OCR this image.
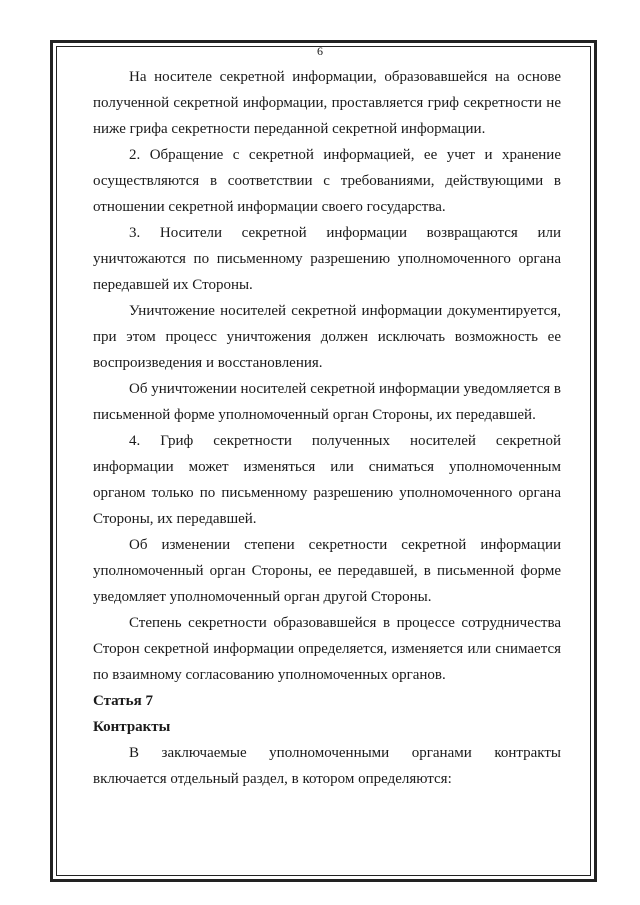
6

На носителе секретной информации, образовавшейся на основе полученной секретной информации, проставляется гриф секретности не ниже грифа секретности переданной секретной информации.

2. Обращение с секретной информацией, ее учет и хранение осуществляются в соответствии с требованиями, действующими в отношении секретной информации своего государства.

3. Носители секретной информации возвращаются или уничтожаются по письменному разрешению уполномоченного органа передавшей их Стороны.

Уничтожение носителей секретной информации документируется, при этом процесс уничтожения должен исключать возможность ее воспроизведения и восстановления.

Об уничтожении носителей секретной информации уведомляется в письменной форме уполномоченный орган Стороны, их передавшей.

4. Гриф секретности полученных носителей секретной информации может изменяться или сниматься уполномоченным органом только по письменному разрешению уполномоченного органа Стороны, их передавшей.

Об изменении степени секретности секретной информации уполномоченный орган Стороны, ее передавшей, в письменной форме уведомляет уполномоченный орган другой Стороны.

Степень секретности образовавшейся в процессе сотрудничества Сторон секретной информации определяется, изменяется или снимается по взаимному согласованию уполномоченных органов.

Статья 7

Контракты

В заключаемые уполномоченными органами контракты включается отдельный раздел, в котором определяются:
